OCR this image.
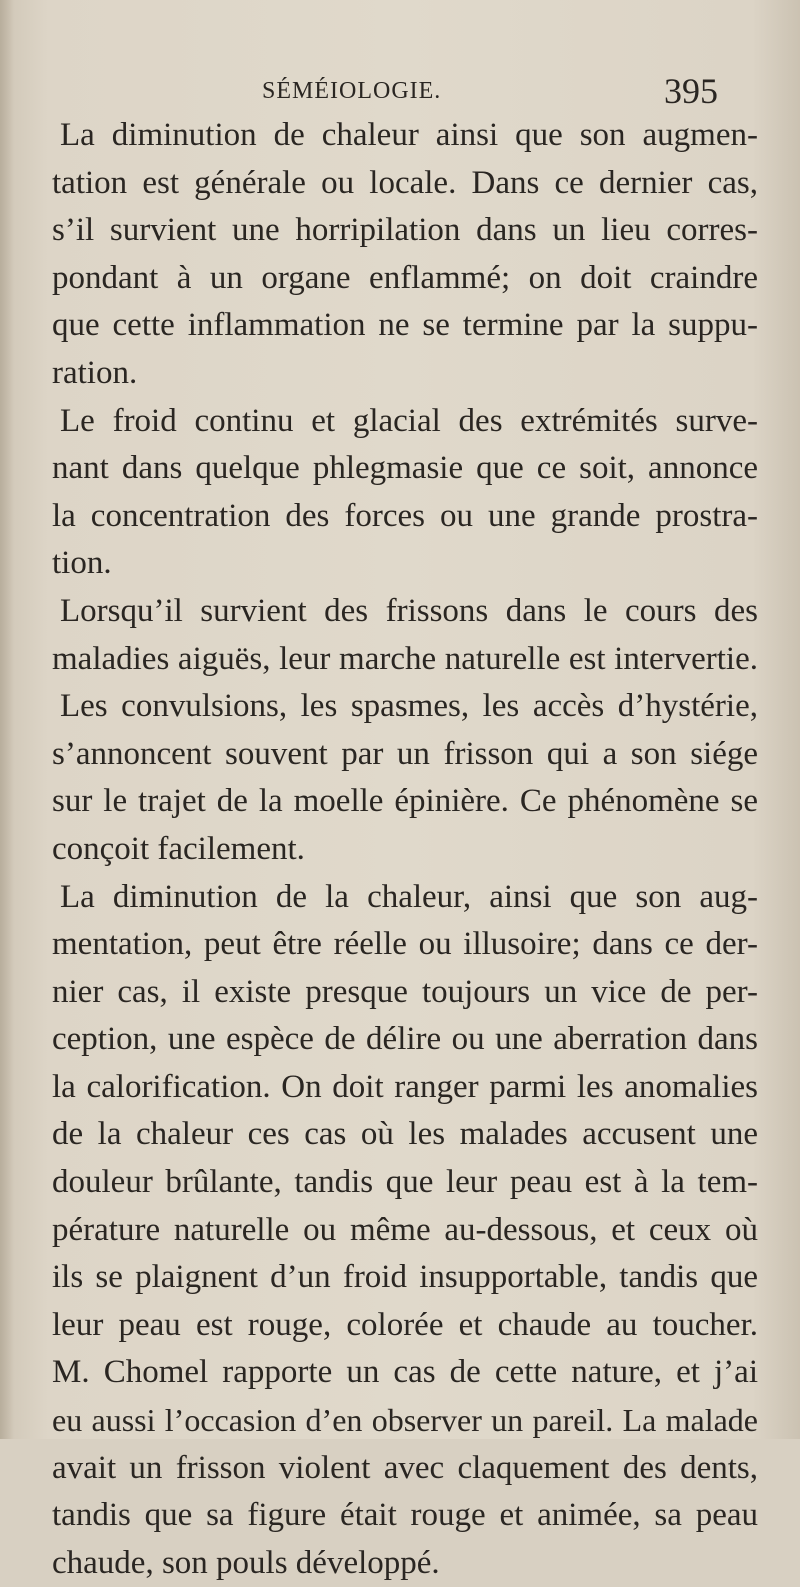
SÉMÉIOLOGIE.	395
La diminution de chaleur ainsi que son augmen-
tation est générale ou locale. Dans ce dernier cas,
s’il survient une horripilation dans un lieu corres-
pondant à un organe enflammé; on doit craindre
que cette inflammation ne se termine par la suppu-
ration.
Le froid continu et glacial des extrémités surve-
nant dans quelque phlegmasie que ce soit, annonce
la concentration des forces ou une grande prostra-
tion.
Lorsqu’il survient des frissons dans le cours des
maladies aiguës, leur marche naturelle est intervertie.
Les convulsions, les spasmes, les accès d’hystérie,
s’annoncent souvent par un frisson qui a son siége
sur le trajet de la moelle épinière. Ce phénomène se
conçoit facilement.
La diminution de la chaleur, ainsi que son aug-
mentation, peut être réelle ou illusoire; dans ce der-
nier cas, il existe presque toujours un vice de per-
ception, une espèce de délire ou une aberration dans
la calorification. On doit ranger parmi les anomalies
de la chaleur ces cas où les malades accusent une
douleur brûlante, tandis que leur peau est à la tem-
pérature naturelle ou même au-dessous, et ceux où
ils se plaignent d’un froid insupportable, tandis que
leur peau est rouge, colorée et chaude au toucher.
M. Chomel rapporte un cas de cette nature, et j’ai
eu aussi l’occasion d’en observer un pareil. La malade
avait un frisson violent avec claquement des dents,
tandis que sa figure était rouge et animée, sa peau
chaude, son pouls développé.
